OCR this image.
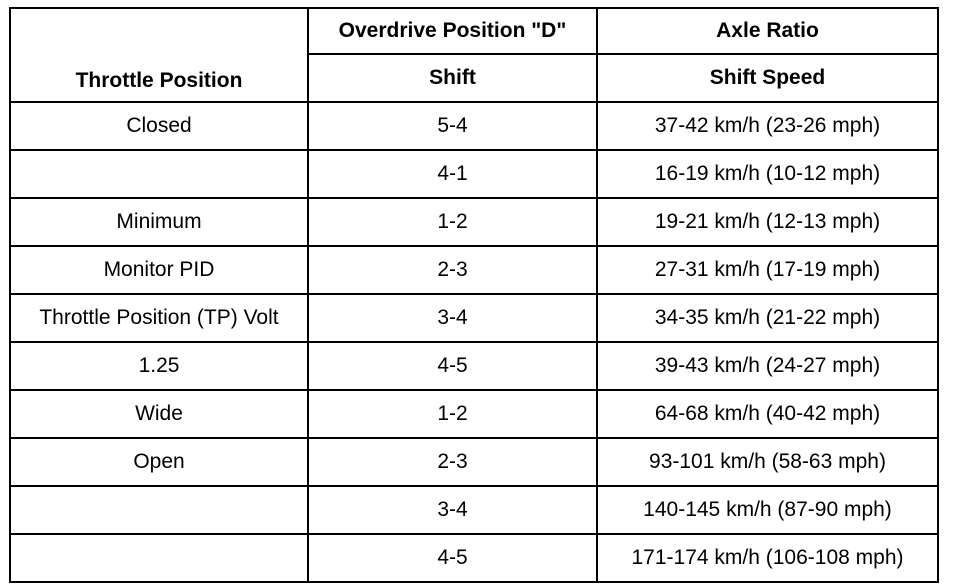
Throttle Position	Overdrive Position "D"	Axle Ratio
	Shift	Shift Speed
Closed	5-4	37-42 km/h (23-26 mph)
	4-1	16-19 km/h (10-12 mph)
Minimum	1-2	19-21 km/h (12-13 mph)
Monitor PID	2-3	27-31 km/h (17-19 mph)
Throttle Position (TP) Volt	3-4	34-35 km/h (21-22 mph)
1.25	4-5	39-43 km/h (24-27 mph)
Wide	1-2	64-68 km/h (40-42 mph)
Open	2-3	93-101 km/h (58-63 mph)
	3-4	140-145 km/h (87-90 mph)
	4-5	171-174 km/h (106-108 mph)
